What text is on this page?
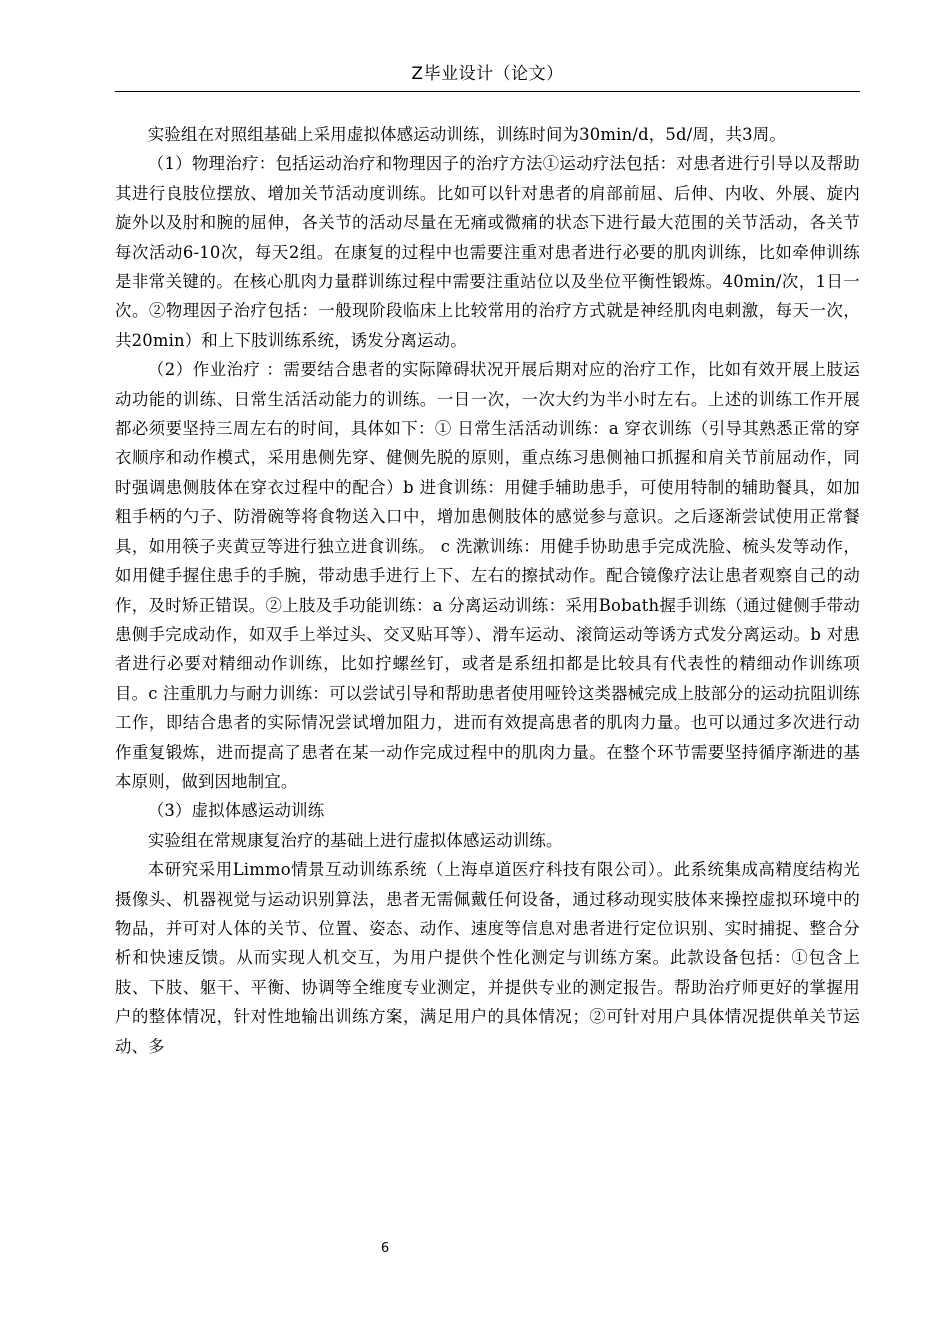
Z毕业设计（论文）

实验组在对照组基础上采用虚拟体感运动训练，训练时间为30min/d，5d/周，共3周。

（1）物理治疗：包括运动治疗和物理因子的治疗方法①运动疗法包括：对患者进行引导以及帮助其进行良肢位摆放、增加关节活动度训练。比如可以针对患者的肩部前屈、后伸、内收、外展、旋内旋外以及肘和腕的屈伸，各关节的活动尽量在无痛或微痛的状态下进行最大范围的关节活动，各关节每次活动6-10次，每天2组。在康复的过程中也需要注重对患者进行必要的肌肉训练，比如牵伸训练是非常关键的。在核心肌肉力量群训练过程中需要注重站位以及坐位平衡性锻炼。40min/次，1日一次。②物理因子治疗包括：一般现阶段临床上比较常用的治疗方式就是神经肌肉电刺激，每天一次，共20min）和上下肢训练系统，诱发分离运动。

（2）作业治疗 ：需要结合患者的实际障碍状况开展后期对应的治疗工作，比如有效开展上肢运动功能的训练、日常生活活动能力的训练。一日一次，一次大约为半小时左右。上述的训练工作开展都必须要坚持三周左右的时间，具体如下：① 日常生活活动训练：a 穿衣训练（引导其熟悉正常的穿衣顺序和动作模式，采用患侧先穿、健侧先脱的原则，重点练习患侧袖口抓握和肩关节前屈动作，同时强调患侧肢体在穿衣过程中的配合）b 进食训练：用健手辅助患手，可使用特制的辅助餐具，如加粗手柄的勺子、防滑碗等将食物送入口中，增加患侧肢体的感觉参与意识。之后逐渐尝试使用正常餐具，如用筷子夹黄豆等进行独立进食训练。 c 洗漱训练：用健手协助患手完成洗脸、梳头发等动作，如用健手握住患手的手腕，带动患手进行上下、左右的擦拭动作。配合镜像疗法让患者观察自己的动作，及时矫正错误。②上肢及手功能训练：a 分离运动训练：采用Bobath握手训练（通过健侧手带动患侧手完成动作，如双手上举过头、交叉贴耳等）、滑车运动、滚筒运动等诱方式发分离运动。b 对患者进行必要对精细动作训练，比如拧螺丝钉，或者是系纽扣都是比较具有代表性的精细动作训练项目。c 注重肌力与耐力训练：可以尝试引导和帮助患者使用哑铃这类器械完成上肢部分的运动抗阻训练工作，即结合患者的实际情况尝试增加阻力，进而有效提高患者的肌肉力量。也可以通过多次进行动作重复锻炼，进而提高了患者在某一动作完成过程中的肌肉力量。在整个环节需要坚持循序渐进的基本原则，做到因地制宜。

（3）虚拟体感运动训练

实验组在常规康复治疗的基础上进行虚拟体感运动训练。

本研究采用Limmo情景互动训练系统（上海卓道医疗科技有限公司）。此系统集成高精度结构光摄像头、机器视觉与运动识别算法，患者无需佩戴任何设备，通过移动现实肢体来操控虚拟环境中的物品，并可对人体的关节、位置、姿态、动作、速度等信息对患者进行定位识别、实时捕捉、整合分析和快速反馈。从而实现人机交互，为用户提供个性化测定与训练方案。此款设备包括：①包含上肢、下肢、躯干、平衡、协调等全维度专业测定，并提供专业的测定报告。帮助治疗师更好的掌握用户的整体情况，针对性地输出训练方案，满足用户的具体情况；②可针对用户具体情况提供单关节运动、多

6
